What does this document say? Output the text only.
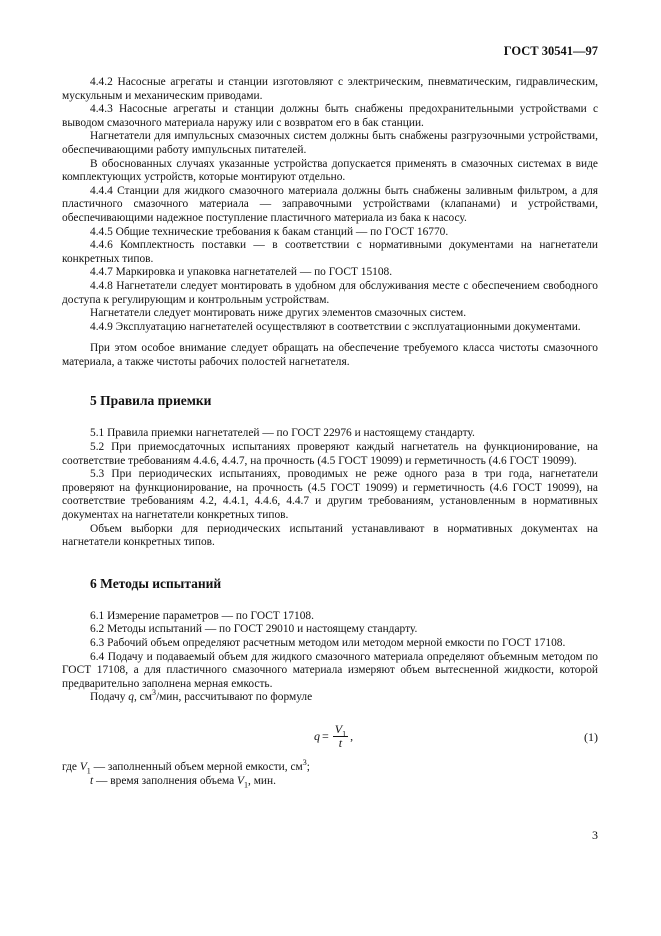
ГОСТ 30541—97

4.4.2 Насосные агрегаты и станции изготовляют с электрическим, пневматическим, гидравлическим, мускульным и механическим приводами.

4.4.3 Насосные агрегаты и станции должны быть снабжены предохранительными устройствами с выводом смазочного материала наружу или с возвратом его в бак станции.

Нагнетатели для импульсных смазочных систем должны быть снабжены разгрузочными устройствами, обеспечивающими работу импульсных питателей.

В обоснованных случаях указанные устройства допускается применять в смазочных системах в виде комплектующих устройств, которые монтируют отдельно.

4.4.4 Станции для жидкого смазочного материала должны быть снабжены заливным фильтром, а для пластичного смазочного материала — заправочными устройствами (клапанами) и устройствами, обеспечивающими надежное поступление пластичного материала из бака к насосу.

4.4.5 Общие технические требования к бакам станций — по ГОСТ 16770.

4.4.6 Комплектность поставки — в соответствии с нормативными документами на нагнетатели конкретных типов.

4.4.7 Маркировка и упаковка нагнетателей — по ГОСТ 15108.

4.4.8 Нагнетатели следует монтировать в удобном для обслуживания месте с обеспечением свободного доступа к регулирующим и контрольным устройствам.

Нагнетатели следует монтировать ниже других элементов смазочных систем.

4.4.9 Эксплуатацию нагнетателей осуществляют в соответствии с эксплуатационными документами.

При этом особое внимание следует обращать на обеспечение требуемого класса чистоты смазочного материала, а также чистоты рабочих полостей нагнетателя.

5 Правила приемки

5.1 Правила приемки нагнетателей — по ГОСТ 22976 и настоящему стандарту.

5.2 При приемосдаточных испытаниях проверяют каждый нагнетатель на функционирование, на соответствие требованиям 4.4.6, 4.4.7, на прочность (4.5 ГОСТ 19099) и герметичность (4.6 ГОСТ 19099).

5.3 При периодических испытаниях, проводимых не реже одного раза в три года, нагнетатели проверяют на функционирование, на прочность (4.5 ГОСТ 19099) и герметичность (4.6 ГОСТ 19099), на соответствие требованиям 4.2, 4.4.1, 4.4.6, 4.4.7 и другим требованиям, установленным в нормативных документах на нагнетатели конкретных типов.

Объем выборки для периодических испытаний устанавливают в нормативных документах на нагнетатели конкретных типов.

6 Методы испытаний

6.1 Измерение параметров — по ГОСТ 17108.

6.2 Методы испытаний — по ГОСТ 29010 и настоящему стандарту.

6.3 Рабочий объем определяют расчетным методом или методом мерной емкости по ГОСТ 17108.

6.4 Подачу и подаваемый объем для жидкого смазочного материала определяют объемным методом по ГОСТ 17108, а для пластичного смазочного материала измеряют объем вытесненной жидкости, которой предварительно заполнена мерная емкость.

Подачу q, $см^3$/мин, рассчитывают по формуле

$q = \frac{V_1}{t}$ ,	(1)

где $V_1$ — заполненный объем мерной емкости, $см^3$;

t — время заполнения объема $V_1$, мин.

3
